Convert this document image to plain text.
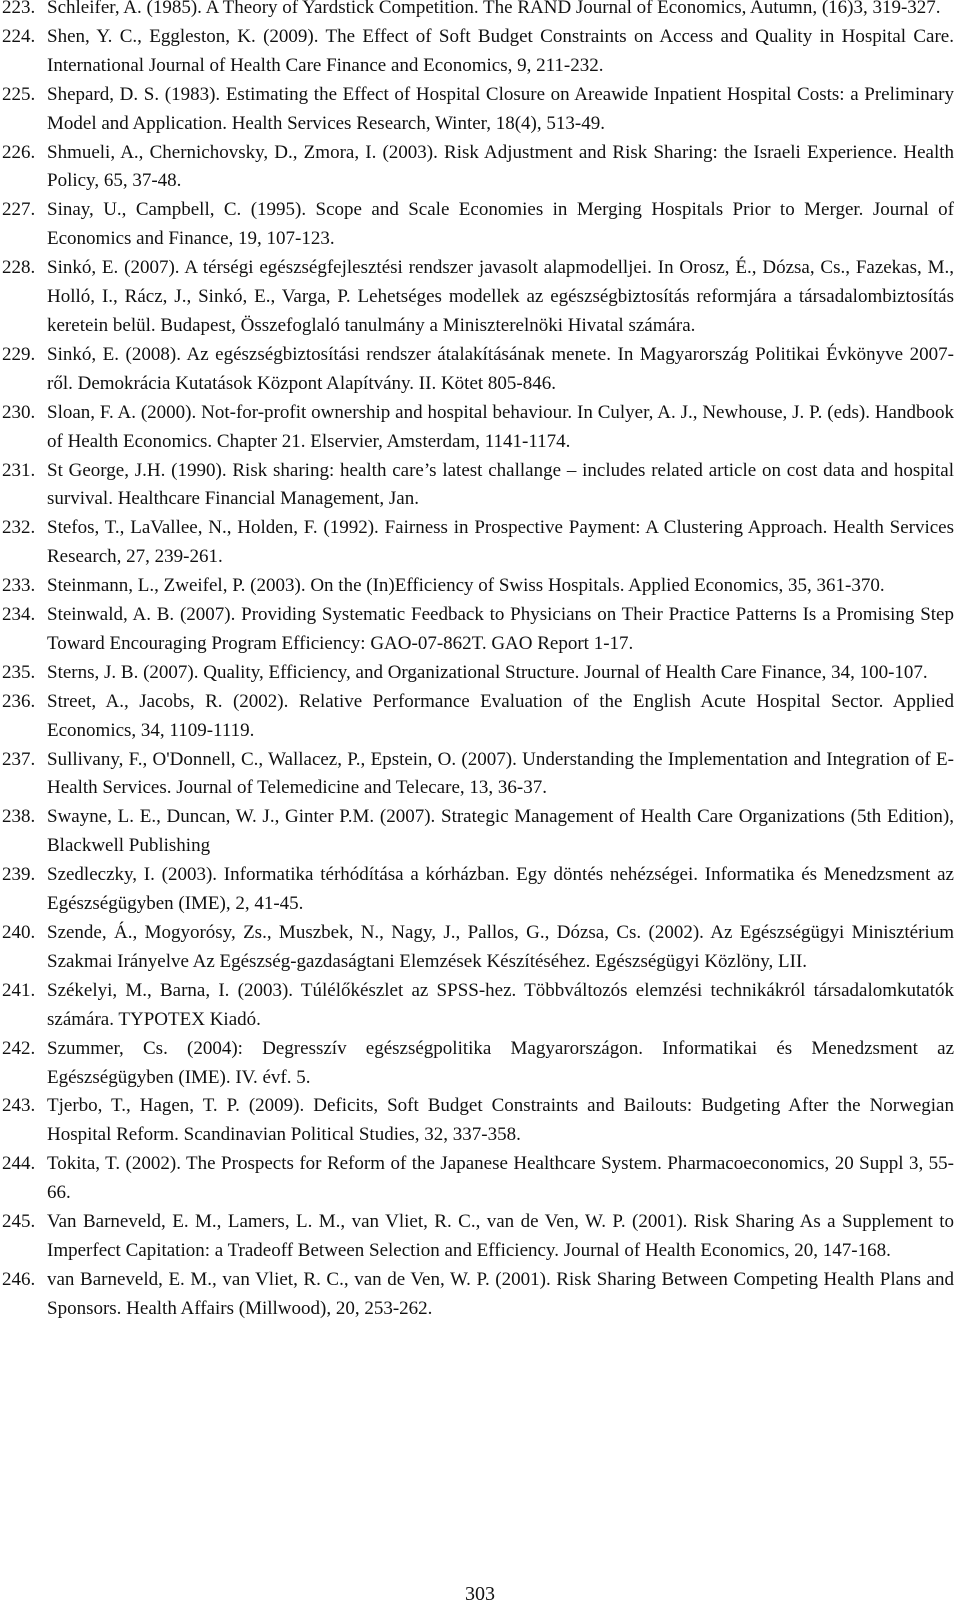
223. Schleifer, A. (1985). A Theory of Yardstick Competition. The RAND Journal of Economics, Autumn, (16)3, 319-327.

224. Shen, Y. C., Eggleston, K. (2009). The Effect of Soft Budget Constraints on Access and Quality in Hospital Care. International Journal of Health Care Finance and Economics, 9, 211-232.

225. Shepard, D. S. (1983). Estimating the Effect of Hospital Closure on Areawide Inpatient Hospital Costs: a Preliminary Model and Application. Health Services Research, Winter, 18(4), 513-49.

226. Shmueli, A., Chernichovsky, D., Zmora, I. (2003). Risk Adjustment and Risk Sharing: the Israeli Experience. Health Policy, 65, 37-48.

227. Sinay, U., Campbell, C. (1995). Scope and Scale Economies in Merging Hospitals Prior to Merger. Journal of Economics and Finance, 19, 107-123.

228. Sinkó, E. (2007). A térségi egészségfejlesztési rendszer javasolt alapmodelljei. In Orosz, É., Dózsa, Cs., Fazekas, M., Holló, I., Rácz, J., Sinkó, E., Varga, P. Lehetséges modellek az egészségbiztosítás reformjára a társadalombiztosítás keretein belül. Budapest, Összefoglaló tanulmány a Miniszterelnöki Hivatal számára.

229. Sinkó, E. (2008). Az egészségbiztosítási rendszer átalakításának menete. In Magyarország Politikai Évkönyve 2007-ről. Demokrácia Kutatások Központ Alapítvány. II. Kötet 805-846.

230. Sloan, F. A. (2000). Not-for-profit ownership and hospital behaviour. In Culyer, A. J., Newhouse, J. P. (eds). Handbook of Health Economics. Chapter 21. Elservier, Amsterdam, 1141-1174.

231. St George, J.H. (1990). Risk sharing: health care’s latest challange – includes related article on cost data and hospital survival. Healthcare Financial Management, Jan.

232. Stefos, T., LaVallee, N., Holden, F. (1992). Fairness in Prospective Payment: A Clustering Approach. Health Services Research, 27, 239-261.

233. Steinmann, L., Zweifel, P. (2003). On the (In)Efficiency of Swiss Hospitals. Applied Economics, 35, 361-370.

234. Steinwald, A. B. (2007). Providing Systematic Feedback to Physicians on Their Practice Patterns Is a Promising Step Toward Encouraging Program Efficiency: GAO-07-862T. GAO Report 1-17.

235. Sterns, J. B. (2007). Quality, Efficiency, and Organizational Structure. Journal of Health Care Finance, 34, 100-107.

236. Street, A., Jacobs, R. (2002). Relative Performance Evaluation of the English Acute Hospital Sector. Applied Economics, 34, 1109-1119.

237. Sullivany, F., O'Donnell, C., Wallacez, P., Epstein, O. (2007). Understanding the Implementation and Integration of E-Health Services. Journal of Telemedicine and Telecare, 13, 36-37.

238. Swayne, L. E., Duncan, W. J., Ginter P.M. (2007). Strategic Management of Health Care Organizations (5th Edition), Blackwell Publishing

239. Szedleczky, I. (2003). Informatika térhódítása a kórházban. Egy döntés nehézségei. Informatika és Menedzsment az Egészségügyben (IME), 2, 41-45.

240. Szende, Á., Mogyorósy, Zs., Muszbek, N., Nagy, J., Pallos, G., Dózsa, Cs. (2002). Az Egészségügyi Minisztérium Szakmai Irányelve Az Egészség-gazdaságtani Elemzések Készítéséhez. Egészségügyi Közlöny, LII.

241. Székelyi, M., Barna, I. (2003). Túlélőkészlet az SPSS-hez. Többváltozós elemzési technikákról társadalomkutatók számára. TYPOTEX Kiadó.

242. Szummer, Cs. (2004): Degresszív egészségpolitika Magyarországon. Informatikai és Menedzsment az Egészségügyben (IME). IV. évf. 5.

243. Tjerbo, T., Hagen, T. P. (2009). Deficits, Soft Budget Constraints and Bailouts: Budgeting After the Norwegian Hospital Reform. Scandinavian Political Studies, 32, 337-358.

244. Tokita, T. (2002). The Prospects for Reform of the Japanese Healthcare System. Pharmacoeconomics, 20 Suppl 3, 55-66.

245. Van Barneveld, E. M., Lamers, L. M., van Vliet, R. C., van de Ven, W. P. (2001). Risk Sharing As a Supplement to Imperfect Capitation: a Tradeoff Between Selection and Efficiency. Journal of Health Economics, 20, 147-168.

246. van Barneveld, E. M., van Vliet, R. C., van de Ven, W. P. (2001). Risk Sharing Between Competing Health Plans and Sponsors. Health Affairs (Millwood), 20, 253-262.

303
